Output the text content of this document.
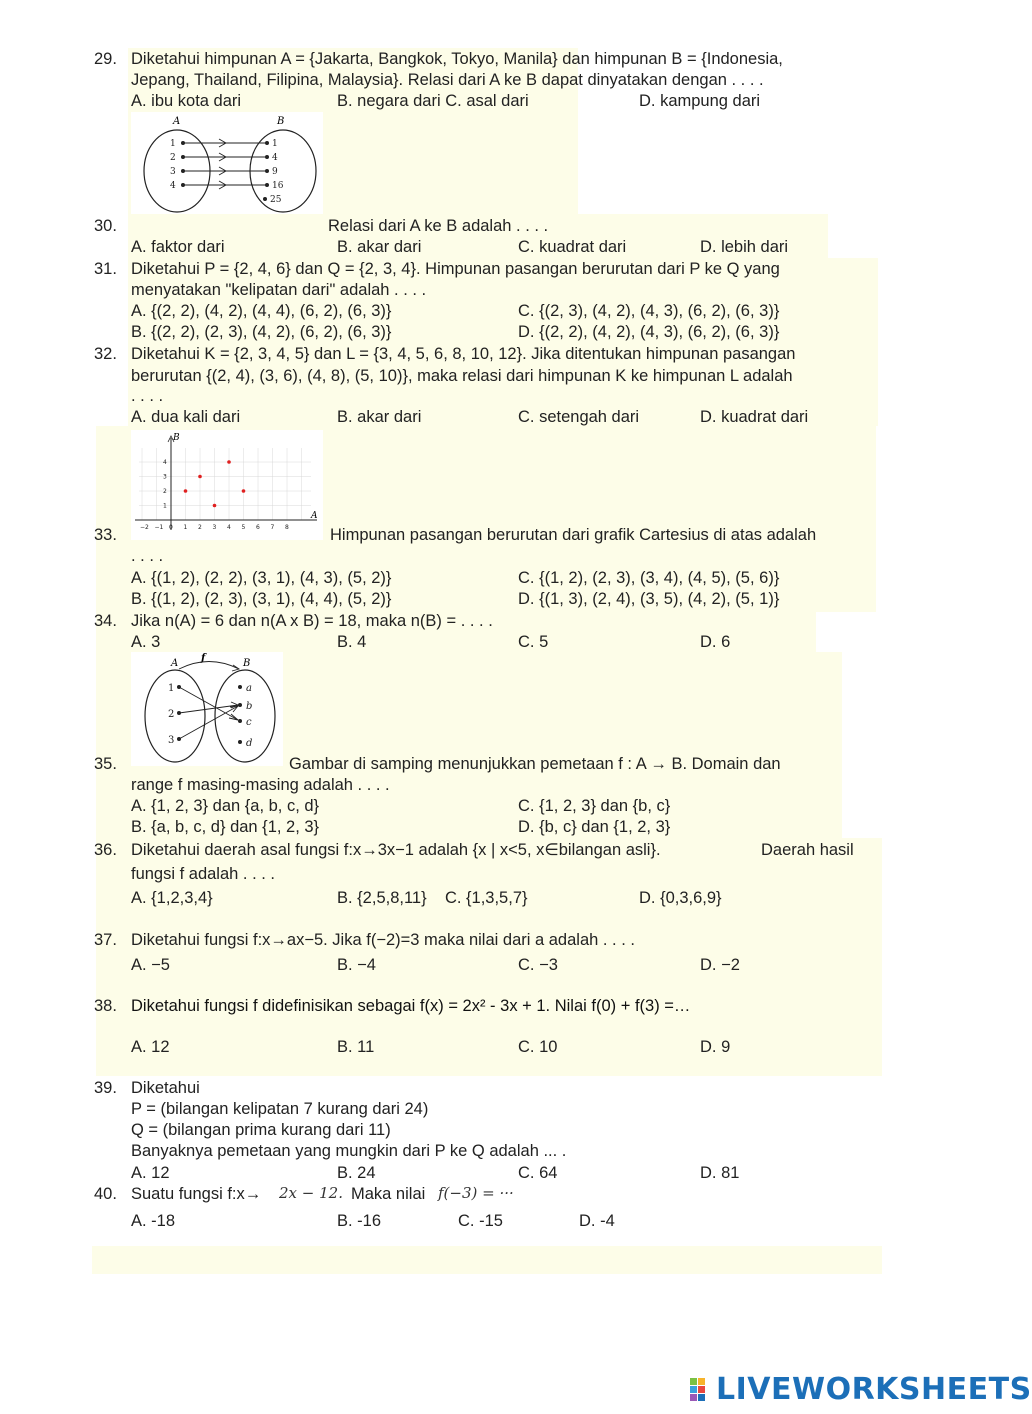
29. Diketahui himpunan A = {Jakarta, Bangkok, Tokyo, Manila} dan himpunan B = {Indonesia,
Jepang, Thailand, Filipina, Malaysia}. Relasi dari A ke B dapat dinyatakan dengan . . . .
A. ibu kota dari	B. negara dari C. asal dari	D. kampung dari
A	B
1
2
3
4
1
4
9
16
25
30.	Relasi dari A ke B adalah . . . .
A. faktor dari	B. akar dari	C. kuadrat dari	D. lebih dari
31. Diketahui P = {2, 4, 6} dan Q = {2, 3, 4}. Himpunan pasangan berurutan dari P ke Q yang
menyatakan "kelipatan dari" adalah . . . .
A. {(2, 2), (4, 2), (4, 4), (6, 2), (6, 3)}	C. {(2, 3), (4, 2), (4, 3), (6, 2), (6, 3)}
B. {(2, 2), (2, 3), (4, 2), (6, 2), (6, 3)}	D. {(2, 2), (4, 2), (4, 3), (6, 2), (6, 3)}
32. Diketahui K = {2, 3, 4, 5} dan L = {3, 4, 5, 6, 8, 10, 12}. Jika ditentukan himpunan pasangan
berurutan {(2, 4), (3, 6), (4, 8), (5, 10)}, maka relasi dari himpunan K ke himpunan L adalah
. . . .
A. dua kali dari	B. akar dari	C. setengah dari	D. kuadrat dari
B
A
−2 −1 0 1 2 3 4 5 6 7 8
1
2
3
4
33.	Himpunan pasangan berurutan dari grafik Cartesius di atas adalah
. . . .
A. {(1, 2), (2, 2), (3, 1), (4, 3), (5, 2)}	C. {(1, 2), (2, 3), (3, 4), (4, 5), (5, 6)}
B. {(1, 2), (2, 3), (3, 1), (4, 4), (5, 2)}	D. {(1, 3), (2, 4), (3, 5), (4, 2), (5, 1)}
34. Jika n(A) = 6 dan n(A x B) = 18, maka n(B) = . . . .
A. 3	B. 4	C. 5	D. 6
A f	B
1
2
3
a
b
c
d
35.	Gambar di samping menunjukkan pemetaan f : A → B. Domain dan
range f masing-masing adalah . . . .
A. {1, 2, 3} dan {a, b, c, d}	C. {1, 2, 3} dan {b, c}
B. {a, b, c, d} dan {1, 2, 3}	D. {b, c} dan {1, 2, 3}
36. Diketahui daerah asal fungsi f:x→3x−1 adalah {x | x<5, x∈bilangan asli}.	Daerah hasil
fungsi f adalah . . . .
A. {1,2,3,4}	B. {2,5,8,11}    C. {1,3,5,7}	D. {0,3,6,9}
37. Diketahui fungsi f:x→ax−5. Jika f(−2)=3 maka nilai dari a adalah . . . .
A. −5	B. −4	C. −3	D. −2
38. Diketahui fungsi f didefinisikan sebagai f(x) = 2x² - 3x + 1. Nilai f(0) + f(3) =…
A. 12	B. 11	C. 10	D. 9
39. Diketahui
P = (bilangan kelipatan 7 kurang dari 24)
Q = (bilangan prima kurang dari 11)
Banyaknya pemetaan yang mungkin dari P ke Q adalah ... .
A. 12	B. 24	C. 64	D. 81
40. Suatu fungsi f:x→ 2x − 12. Maka nilai f(−3) = ···
A. -18	B. -16	C. -15	D. -4
LIVEWORKSHEETS
